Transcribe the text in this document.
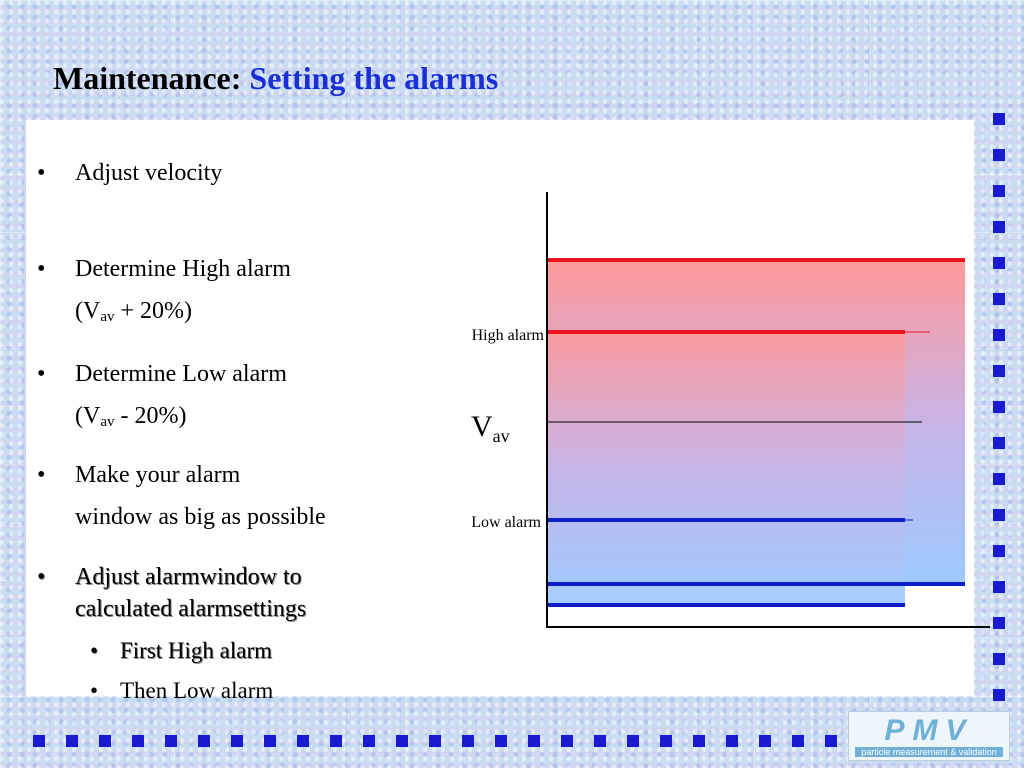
Maintenance: Setting the alarms
• Adjust velocity
• Determine High alarm
$(V_{av} + 20\%)$
• Determine Low alarm
$(V_{av} - 20\%)$
• Make your alarm
window as big as possible
• Adjust alarmwindow to
calculated alarmsettings
• First High alarm
• Then Low alarm
High alarm
Low alarm
$V_{av}$
PMV
particle measurement & validation
